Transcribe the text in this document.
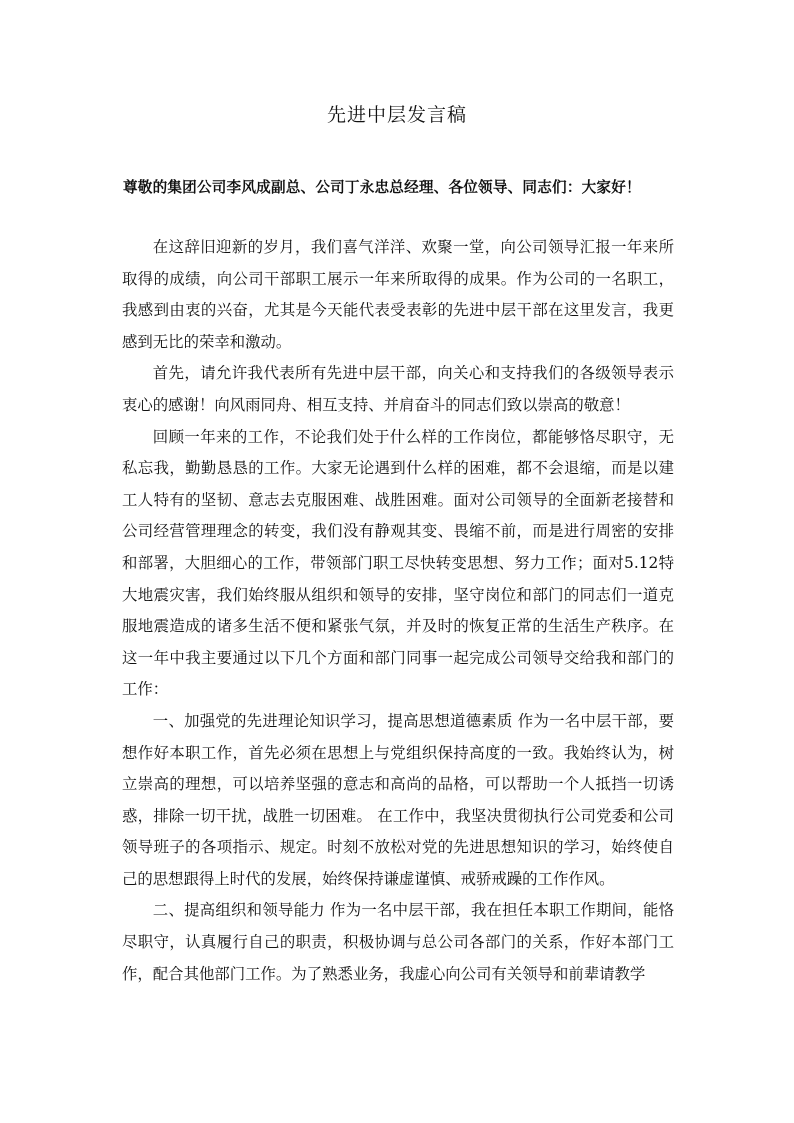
先进中层发言稿
尊敬的集团公司李风成副总、公司丁永忠总经理、各位领导、同志们：大家好！

在这辞旧迎新的岁月，我们喜气洋洋、欢聚一堂，向公司领导汇报一年来所取得的成绩，向公司干部职工展示一年来所取得的成果。作为公司的一名职工，我感到由衷的兴奋，尤其是今天能代表受表彰的先进中层干部在这里发言，我更感到无比的荣幸和激动。

首先，请允许我代表所有先进中层干部，向关心和支持我们的各级领导表示衷心的感谢！向风雨同舟、相互支持、并肩奋斗的同志们致以崇高的敬意！

回顾一年来的工作，不论我们处于什么样的工作岗位，都能够恪尽职守，无私忘我，勤勤恳恳的工作。大家无论遇到什么样的困难，都不会退缩，而是以建工人特有的坚韧、意志去克服困难、战胜困难。面对公司领导的全面新老接替和公司经营管理理念的转变，我们没有静观其变、畏缩不前，而是进行周密的安排和部署，大胆细心的工作，带领部门职工尽快转变思想、努力工作；面对5.12特大地震灾害，我们始终服从组织和领导的安排，坚守岗位和部门的同志们一道克服地震造成的诸多生活不便和紧张气氛，并及时的恢复正常的生活生产秩序。在这一年中我主要通过以下几个方面和部门同事一起完成公司领导交给我和部门的工作：

一、加强党的先进理论知识学习，提高思想道德素质 作为一名中层干部，要想作好本职工作，首先必须在思想上与党组织保持高度的一致。我始终认为，树立崇高的理想，可以培养坚强的意志和高尚的品格，可以帮助一个人抵挡一切诱惑，排除一切干扰，战胜一切困难。 在工作中，我坚决贯彻执行公司党委和公司领导班子的各项指示、规定。时刻不放松对党的先进思想知识的学习，始终使自己的思想跟得上时代的发展，始终保持谦虚谨慎、戒骄戒躁的工作作风。

二、提高组织和领导能力 作为一名中层干部，我在担任本职工作期间，能恪尽职守，认真履行自己的职责，积极协调与总公司各部门的关系，作好本部门工作，配合其他部门工作。为了熟悉业务，我虚心向公司有关领导和前辈请教学
